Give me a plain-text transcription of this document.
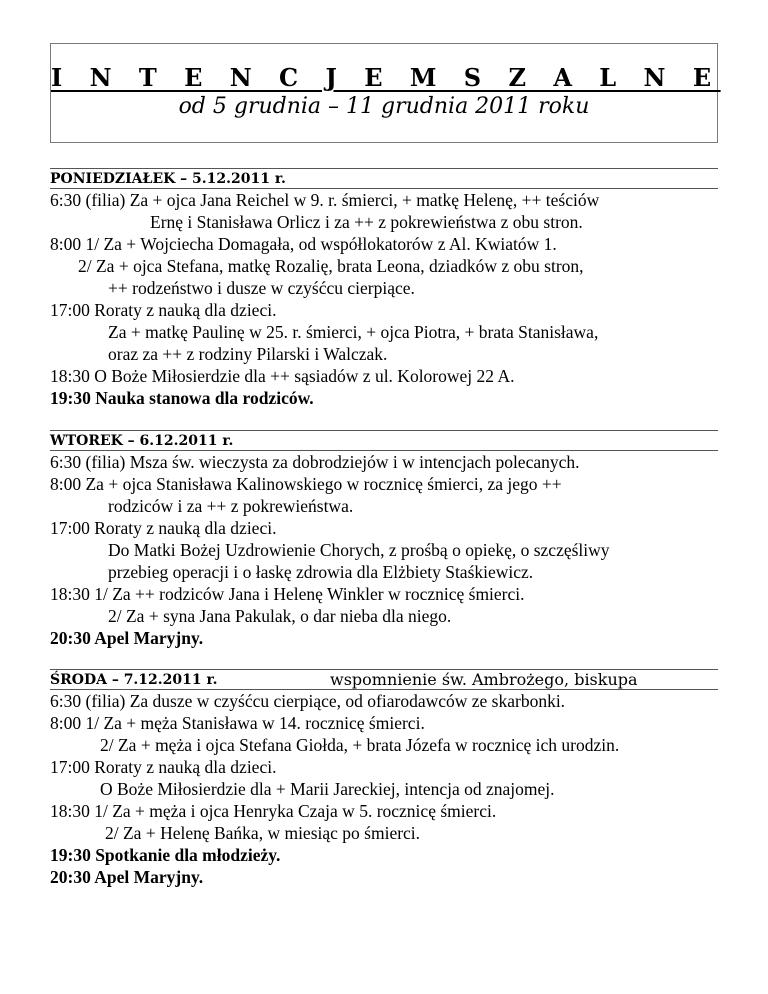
I N T E N C J E M S Z A L N E
od 5 grudnia – 11 grudnia 2011 roku
PONIEDZIAŁEK – 5.12.2011 r.
6:30 (filia) Za + ojca Jana Reichel w 9. r. śmierci, + matkę Helenę, ++ teściów
Ernę i Stanisława Orlicz i za ++ z pokrewieństwa z obu stron.
8:00 1/ Za + Wojciecha Domagała, od współlokatorów z Al. Kwiatów 1.
2/ Za + ojca Stefana, matkę Rozalię, brata Leona, dziadków z obu stron,
++ rodzeństwo i dusze w czyśćcu cierpiące.
17:00 Roraty z nauką dla dzieci.
Za + matkę Paulinę w 25. r. śmierci, + ojca Piotra, + brata Stanisława,
oraz za ++ z rodziny Pilarski i Walczak.
18:30 O Boże Miłosierdzie dla ++ sąsiadów z ul. Kolorowej 22 A.
19:30 Nauka stanowa dla rodziców.
WTOREK – 6.12.2011 r.
6:30 (filia) Msza św. wieczysta za dobrodziejów i w intencjach polecanych.
8:00 Za + ojca Stanisława Kalinowskiego w rocznicę śmierci, za jego ++
rodziców i za ++ z pokrewieństwa.
17:00 Roraty z nauką dla dzieci.
Do Matki Bożej Uzdrowienie Chorych, z prośbą o opiekę, o szczęśliwy
przebieg operacji i o łaskę zdrowia dla Elżbiety Staśkiewicz.
18:30 1/ Za ++ rodziców Jana i Helenę Winkler w rocznicę śmierci.
2/ Za + syna Jana Pakulak, o dar nieba dla niego.
20:30 Apel Maryjny.
ŚRODA – 7.12.2011 r.	wspomnienie św. Ambrożego, biskupa
6:30 (filia) Za dusze w czyśćcu cierpiące, od ofiarodawców ze skarbonki.
8:00 1/ Za + męża Stanisława w 14. rocznicę śmierci.
2/ Za + męża i ojca Stefana Giołda, + brata Józefa w rocznicę ich urodzin.
17:00 Roraty z nauką dla dzieci.
O Boże Miłosierdzie dla + Marii Jareckiej, intencja od znajomej.
18:30 1/ Za + męża i ojca Henryka Czaja w 5. rocznicę śmierci.
2/ Za + Helenę Bańka, w miesiąc po śmierci.
19:30 Spotkanie dla młodzieży.
20:30 Apel Maryjny.
